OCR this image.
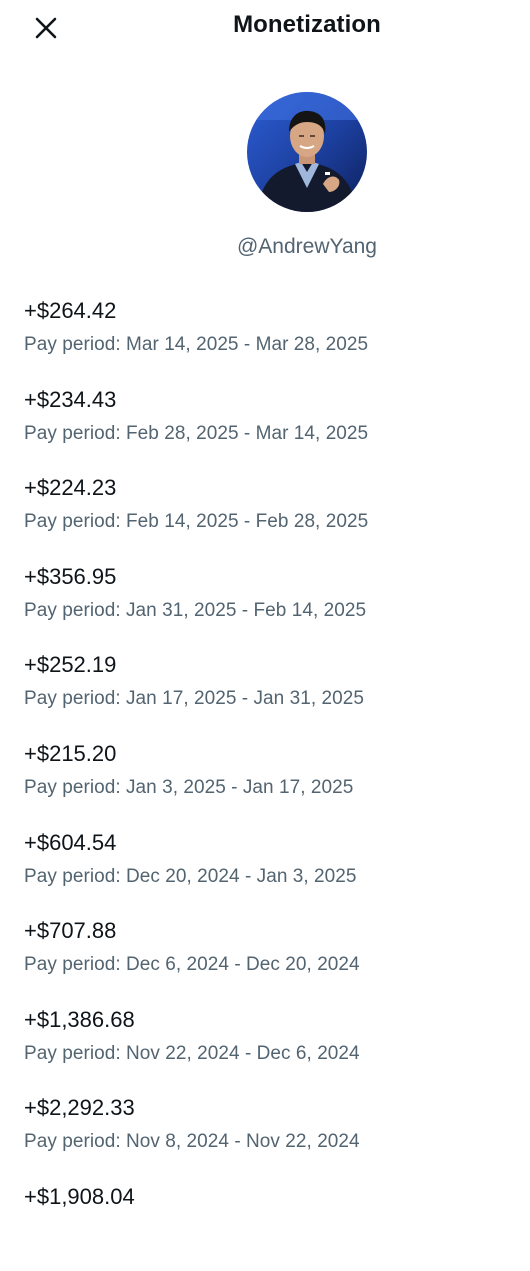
Monetization
@AndrewYang
+$264.42
Pay period: Mar 14, 2025 - Mar 28, 2025
+$234.43
Pay period: Feb 28, 2025 - Mar 14, 2025
+$224.23
Pay period: Feb 14, 2025 - Feb 28, 2025
+$356.95
Pay period: Jan 31, 2025 - Feb 14, 2025
+$252.19
Pay period: Jan 17, 2025 - Jan 31, 2025
+$215.20
Pay period: Jan 3, 2025 - Jan 17, 2025
+$604.54
Pay period: Dec 20, 2024 - Jan 3, 2025
+$707.88
Pay period: Dec 6, 2024 - Dec 20, 2024
+$1,386.68
Pay period: Nov 22, 2024 - Dec 6, 2024
+$2,292.33
Pay period: Nov 8, 2024 - Nov 22, 2024
+$1,908.04
